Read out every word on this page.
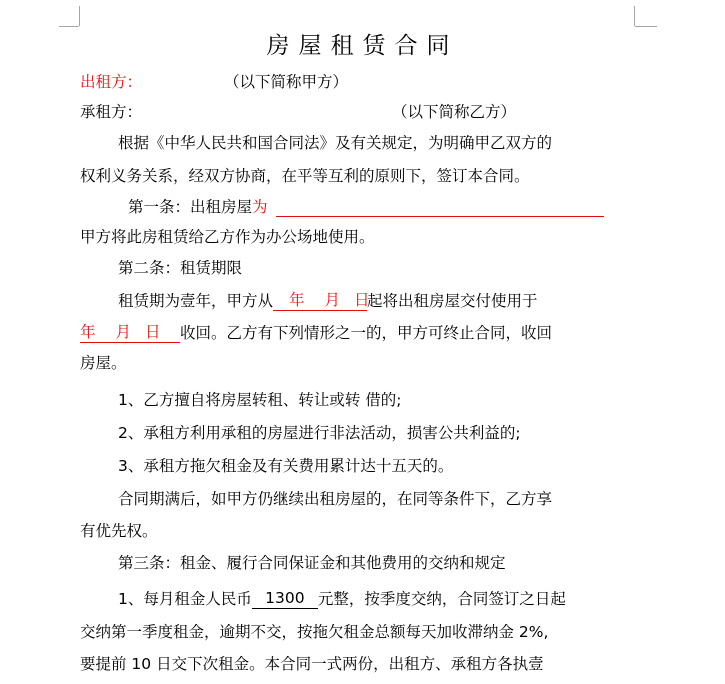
房屋租赁合同
出租方：	（以下简称甲方）
承租方：	（以下简称乙方）
根据《中华人民共和国合同法》及有关规定，为明确甲乙双方的
权利义务关系，经双方协商，在平等互利的原则下，签订本合同。
第一条：出租房屋为
甲方将此房租赁给乙方作为办公场地使用。
第二条：租赁期限
租赁期为壹年，甲方从 年 月 日起将出租房屋交付使用于
年 月 日 收回。乙方有下列情形之一的，甲方可终止合同，收回
房屋。
1、乙方擅自将房屋转租、转让或转 借的;
2、承租方利用承租的房屋进行非法活动，损害公共利益的;
3、承租方拖欠租金及有关费用累计达十五天的。
合同期满后，如甲方仍继续出租房屋的，在同等条件下，乙方享
有优先权。
第三条：租金、履行合同保证金和其他费用的交纳和规定
1、每月租金人民币 1300 元整，按季度交纳，合同签订之日起
交纳第一季度租金，逾期不交，按拖欠租金总额每天加收滞纳金 2%,
要提前 10 日交下次租金。本合同一式两份，出租方、承租方各执壹
